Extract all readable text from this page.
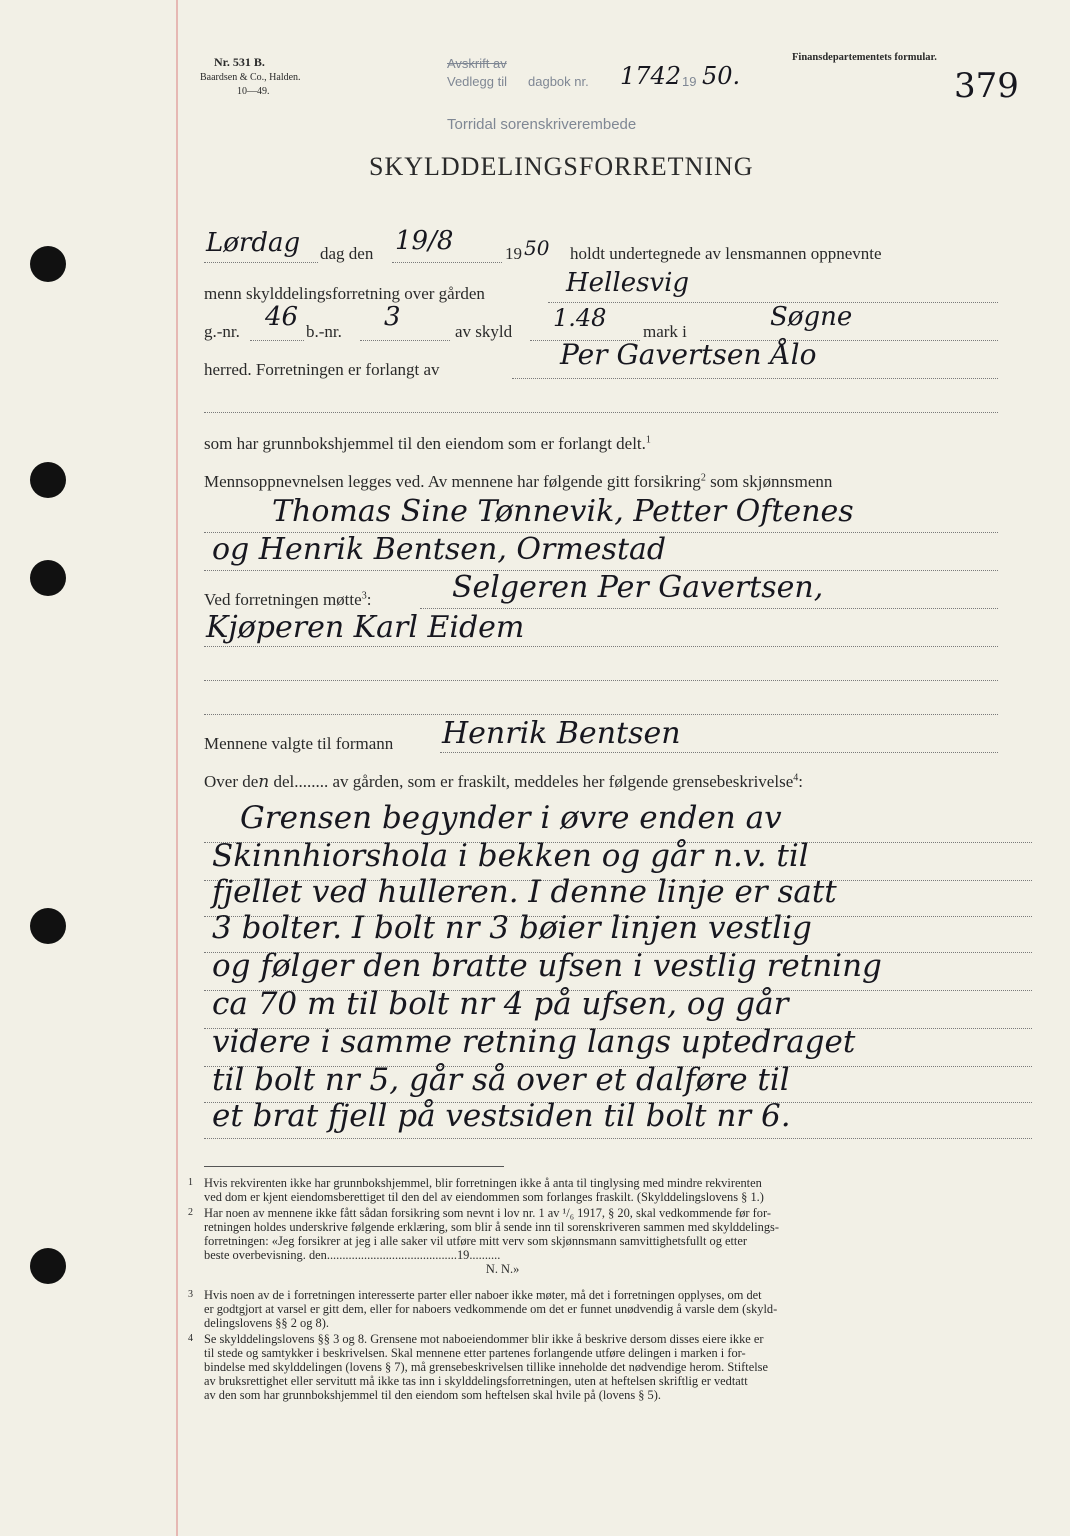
Nr. 531 B.
Baardsen & Co., Halden.
10—49.
Avskrift av
Vedlegg til dagbok nr. 1742 19 50.
Torridal sorenskriverembede
Finansdepartementets formular.
379
SKYLDDELINGSFORRETNING
Lørdag dag den 19/8	19 50 holdt undertegnede av lensmannen oppnevnte
menn skylddelingsforretning over gården	Hellesvig
g.-nr. 46 b.-nr. 3	av skyld 1.48 mark i	Søgne
herred. Forretningen er forlangt av	Per Gavertsen Ålo
som har grunnbokshjemmel til den eiendom som er forlangt delt.$^1$
Mennsoppnevnelsen legges ved. Av mennene har følgende gitt forsikring$^2$ som skjønnsmenn
Thomas Sine Tønnevik, Petter Oftenes
og Henrik Bentsen, Ormestad
Ved forretningen møtte$^3$:	Selgeren Per Gavertsen,
Kjøperen Karl Eidem
Mennene valgte til formann Henrik Bentsen
Over den del........ av gården, som er fraskilt, meddeles her følgende grensebeskrivelse$^4$:
Grensen begynder i øvre enden av
Skinnhiorshola i bekken og går n.v. til
fjellet ved hulleren. I denne linje er satt
3 bolter. I bolt nr 3 bøier linjen vestlig
og følger den bratte ufsen i vestlig retning
ca 70 m til bolt nr 4 på ufsen, og går
videre i samme retning langs uptedraget
til bolt nr 5, går så over et dalføre til
et brat fjell på vestsiden til bolt nr 6.
1 Hvis rekvirenten ikke har grunnbokshjemmel, blir forretningen ikke å anta til tinglysing med mindre rekvirenten
ved dom er kjent eiendomsberettiget til den del av eiendommen som forlanges fraskilt. (Skylddelingslovens § 1.)
2 Har noen av mennene ikke fått sådan forsikring som nevnt i lov nr. 1 av ¹/₆ 1917, § 20, skal vedkommende før for-
retningen holdes underskrive følgende erklæring, som blir å sende inn til sorenskriveren sammen med skylddelings-
forretningen: «Jeg forsikrer at jeg i alle saker vil utføre mitt verv som skjønnsmann samvittighetsfullt og etter
beste overbevisning. den..........................................19..........
N. N.»
3 Hvis noen av de i forretningen interesserte parter eller naboer ikke møter, må det i forretningen opplyses, om det
er godtgjort at varsel er gitt dem, eller for naboers vedkommende om det er funnet unødvendig å varsle dem (skyld-
delingslovens §§ 2 og 8).
4 Se skylddelingslovens §§ 3 og 8. Grensene mot naboeiendommer blir ikke å beskrive dersom disses eiere ikke er
til stede og samtykker i beskrivelsen. Skal mennene etter partenes forlangende utføre delingen i marken i for-
bindelse med skylddelingen (lovens § 7), må grensebeskrivelsen tillike inneholde det nødvendige herom. Stiftelse
av bruksrettighet eller servitutt må ikke tas inn i skylddelingsforretningen, uten at heftelsen skriftlig er vedtatt
av den som har grunnbokshjemmel til den eiendom som heftelsen skal hvile på (lovens § 5).
